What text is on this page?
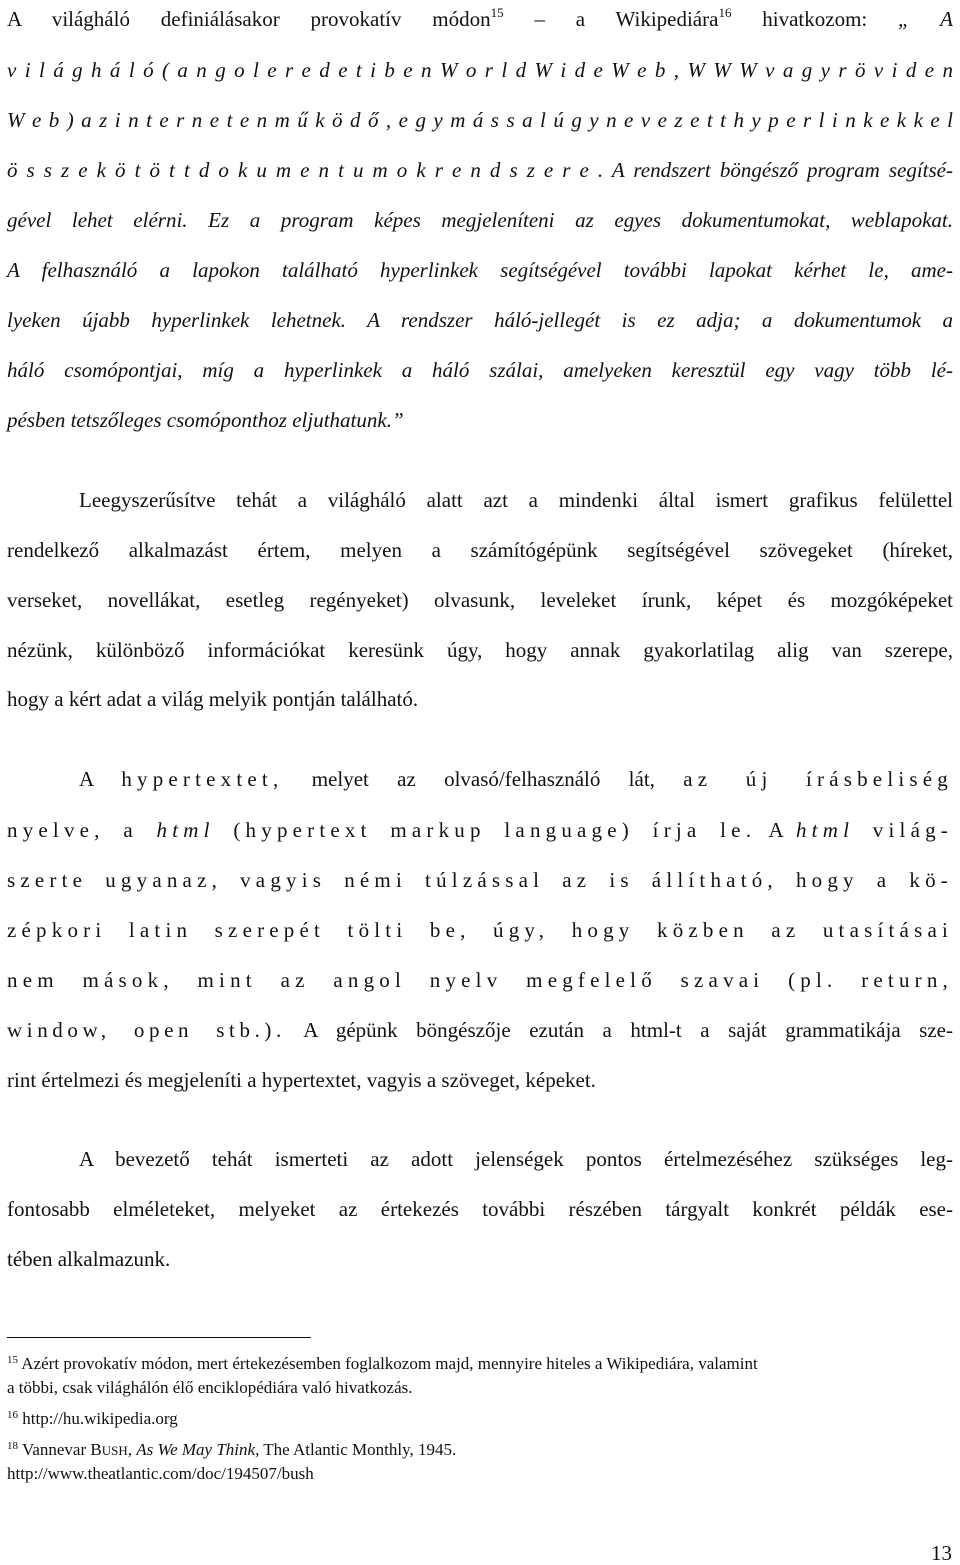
A világháló definiálásakor provokatív módon$^{15}$ – a Wikipediára$^{16}$ hivatkozom: „ A
v i l á g h á l ó ( a n g o l e r e d e t i b e n W o r l d W i d e W e b , W W W v a g y r ö v i d e n
W e b ) a z i n t e r n e t e n m ű k ö d ő , e g y m á s s a l ú g y n e v e z e t t h y p e r l i n k e k k e l
ö s s z e k ö t ö t t d o k u m e n t u m o k r e n d s z e r e . A rendszert böngésző program segítsé-
gével lehet elérni. Ez a program képes megjeleníteni az egyes dokumentumokat, weblapokat.
A felhasználó a lapokon található hyperlinkek segítségével további lapokat kérhet le, ame-
lyeken újabb hyperlinkek lehetnek. A rendszer háló-jellegét is ez adja; a dokumentumok a
háló csomópontjai, míg a hyperlinkek a háló szálai, amelyeken keresztül egy vagy több lé-
pésben tetszőleges csomóponthoz eljuthatunk.”
Leegyszerűsítve tehát a világháló alatt azt a mindenki által ismert grafikus felülettel
rendelkező alkalmazást értem, melyen a számítógépünk segítségével szövegeket (híreket,
verseket, novellákat, esetleg regényeket) olvasunk, leveleket írunk, képet és mozgóképeket
nézünk, különböző információkat keresünk úgy, hogy annak gyakorlatilag alig van szerepe,
hogy a kért adat a világ melyik pontján található.
A hypertextet, melyet az olvasó/felhasználó lát, az új írásbeliség
nyelve, a html (hypertext markup language) írja le. A html világ-
szerte ugyanaz, vagyis némi túlzással az is állítható, hogy a kö-
zépkori latin szerepét tölti be, úgy, hogy közben az utasításai
nem mások, mint az angol nyelv megfelelő szavai (pl. return,
window, open stb.). A gépünk böngészője ezután a html-t a saját grammatikája sze-
rint értelmezi és megjeleníti a hypertextet, vagyis a szöveget, képeket.
A bevezető tehát ismerteti az adott jelenségek pontos értelmezéséhez szükséges leg-
fontosabb elméleteket, melyeket az értekezés további részében tárgyalt konkrét példák ese-
tében alkalmazunk.
$^{15}$ Azért provokatív módon, mert értekezésemben foglalkozom majd, mennyire hiteles a Wikipediára, valamint
a többi, csak világhálón élő enciklopédiára való hivatkozás.
$^{16}$ http://hu.wikipedia.org
$^{18}$ Vannevar BUSH, As We May Think, The Atlantic Monthly, 1945.
http://www.theatlantic.com/doc/194507/bush
13
